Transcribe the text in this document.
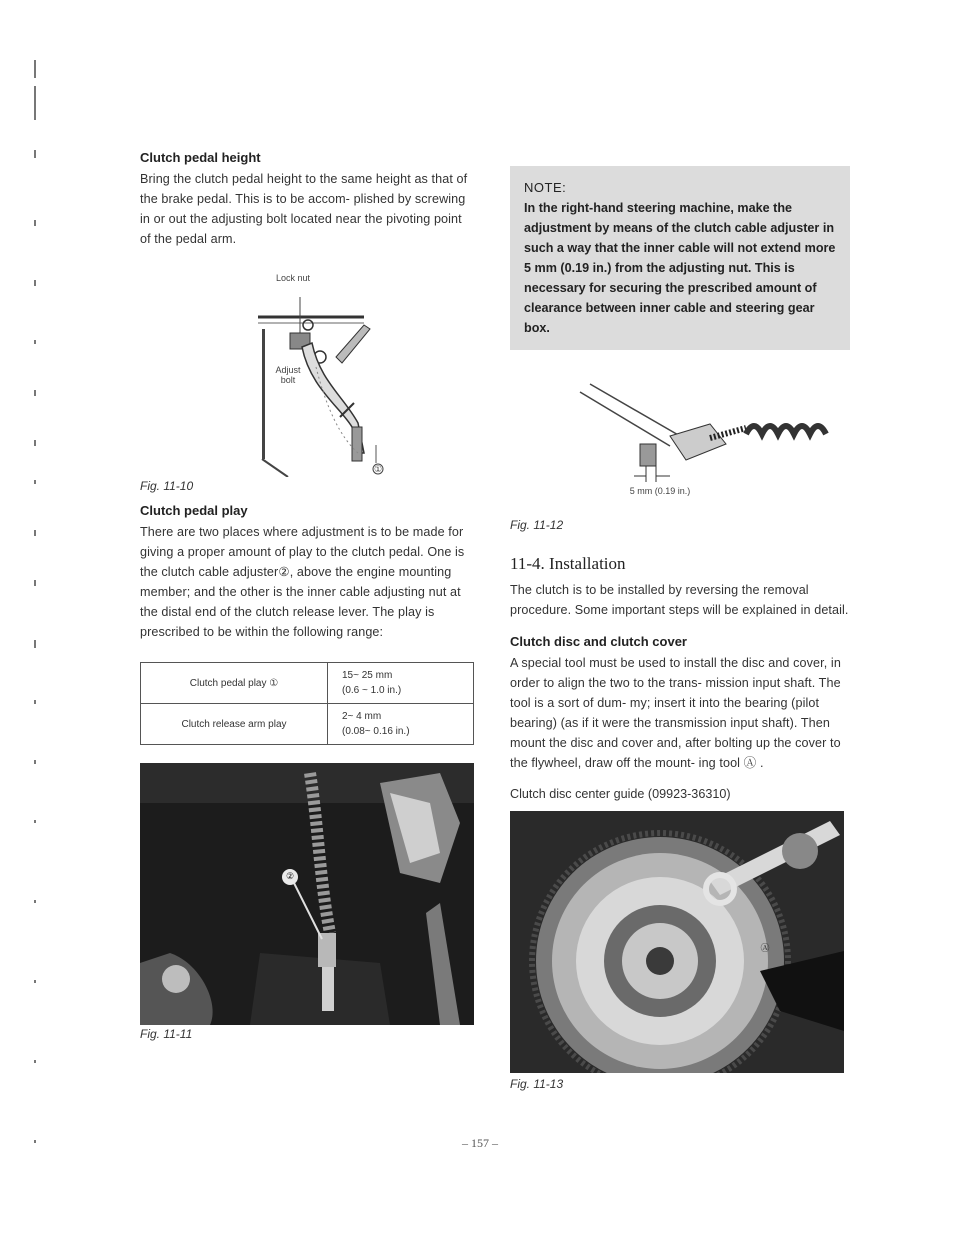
Clutch pedal height

Bring the clutch pedal height to the same height as that of the brake pedal. This is to be accom- plished by screwing in or out the adjusting bolt located near the pivoting point of the pedal arm.

Lock nut
Adjust bolt
①
Fig. 11-10
Clutch pedal play

There are two places where adjustment is to be made for giving a proper amount of play to the clutch pedal. One is the clutch cable adjuster②, above the engine mounting member; and the other is the inner cable adjusting nut at the distal end of the clutch release lever. The play is prescribed to be within the following range:

Clutch pedal play ①	15~ 25 mm
(0.6 ~ 1.0 in.)

Clutch release arm play	2~ 4 mm
(0.08~ 0.16 in.)
②
Fig. 11-11
NOTE:
In the right-hand steering machine, make the adjustment by means of the clutch cable adjuster in such a way that the inner cable will not extend more 5 mm (0.19 in.) from the adjusting nut. This is necessary for securing the prescribed amount of clearance between inner cable and steering gear box.
5 mm (0.19 in.)
Fig. 11-12
11-4. Installation

The clutch is to be installed by reversing the removal procedure. Some important steps will be explained in detail.

Clutch disc and clutch cover

A special tool must be used to install the disc and cover, in order to align the two to the trans- mission input shaft. The tool is a sort of dum- my; insert it into the bearing (pilot bearing) (as if it were the transmission input shaft). Then mount the disc and cover and, after bolting up the cover to the flywheel, draw off the mount- ing tool Ⓐ .

Clutch disc center guide (09923-36310)
Ⓐ
Fig. 11-13
– 157 –
